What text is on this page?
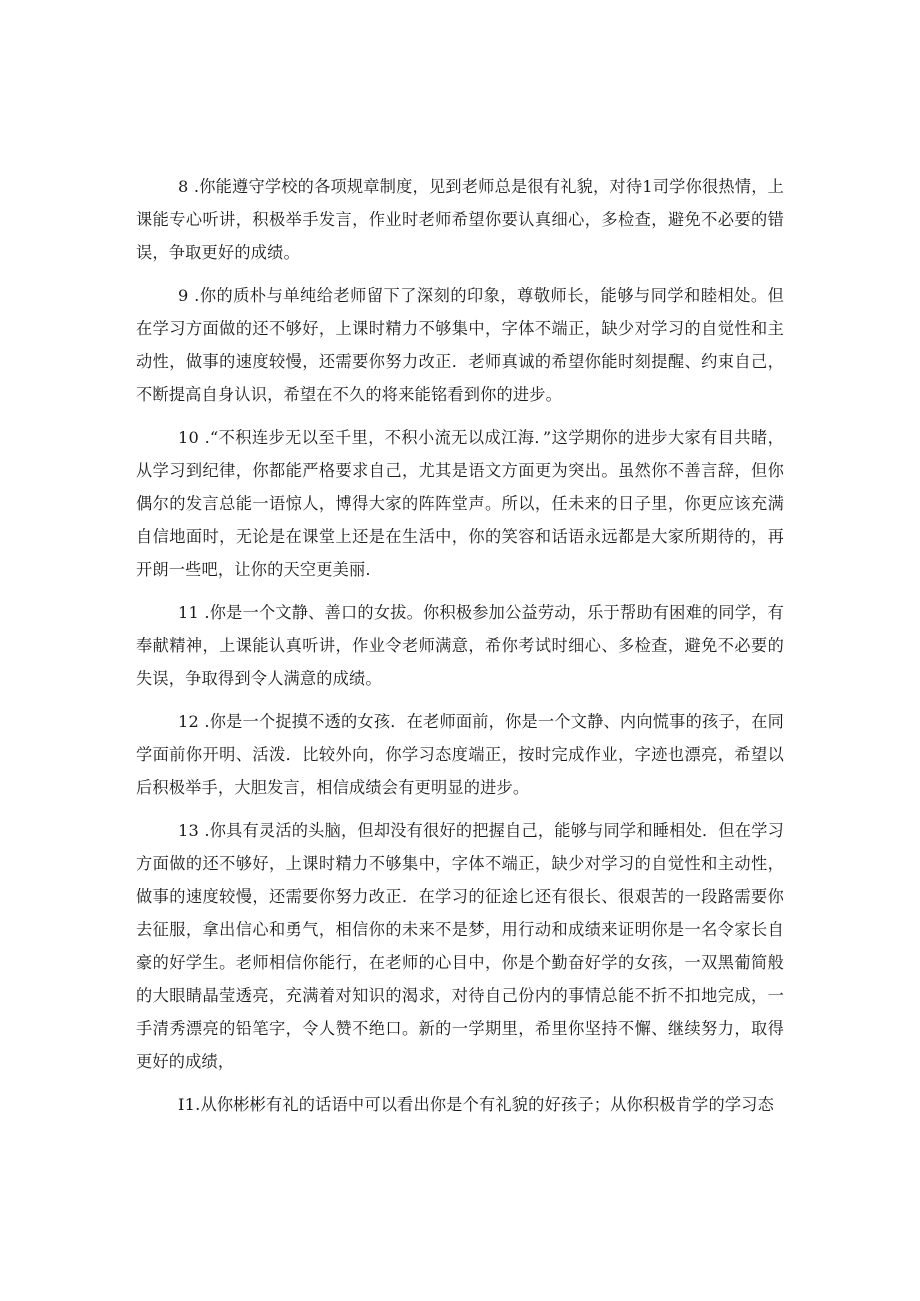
8 .你能遵守学校的各项规章制度，见到老师总是很有礼貌，对待1司学你很热情，上课能专心听讲，积极举手发言，作业时老师希望你要认真细心，多检查，避免不必要的错误，争取更好的成绩。

9 .你的质朴与单纯给老师留下了深刻的印象，尊敬师长，能够与同学和睦相处。但在学习方面做的还不够好，上课时精力不够集中，字体不端正，缺少对学习的自觉性和主动性，做事的速度较慢，还需要你努力改正．老师真诚的希望你能时刻提醒、约束自己，不断提高自身认识，希望在不久的将来能铭看到你的进步。

10 .“不积连步无以至千里，不积小流无以成江海．”这学期你的进步大家有目共睹，从学习到纪律，你都能严格要求自己，尤其是语文方面更为突出。虽然你不善言辞，但你偶尔的发言总能一语惊人，博得大家的阵阵堂声。所以，任未来的日子里，你更应该充满自信地面时，无论是在课堂上还是在生活中，你的笑容和话语永远都是大家所期待的，再开朗一些吧，让你的天空更美丽.

11 .你是一个文静、善口的女拔。你积极参加公益劳动，乐于帮助有困难的同学，有奉献精神，上课能认真听讲，作业令老师满意，希你考试时细心、多检查，避免不必要的失误，争取得到令人满意的成绩。

12 .你是一个捉摸不透的女孩．在老师面前，你是一个文静、内向慌事的孩子，在同学面前你开明、活泼．比较外向，你学习态度端正，按时完成作业，字迹也漂亮，希望以后积极举手，大胆发言，相信成绩会有更明显的进步。

13 .你具有灵活的头脑，但却没有很好的把握自己，能够与同学和睡相处．但在学习方面做的还不够好，上课时精力不够集中，字体不端正，缺少对学习的自觉性和主动性，做事的速度较慢，还需要你努力改正．在学习的征途匕还有很长、很艰苦的一段路需要你去征服，拿出信心和勇气，相信你的未来不是梦，用行动和成绩来证明你是一名令家长自豪的好学生。老师相信你能行，在老师的心目中，你是个勤奋好学的女孩，一双黑葡简般的大眼睛晶莹透亮，充满着对知识的渴求，对待自己份内的事情总能不折不扣地完成，一手清秀漂亮的铅笔字，令人赞不绝口。新的一学期里，希里你坚持不懈、继续努力，取得更好的成绩，

I1.从你彬彬有礼的话语中可以看出你是个有礼貌的好孩子；从你积极肯学的学习态
